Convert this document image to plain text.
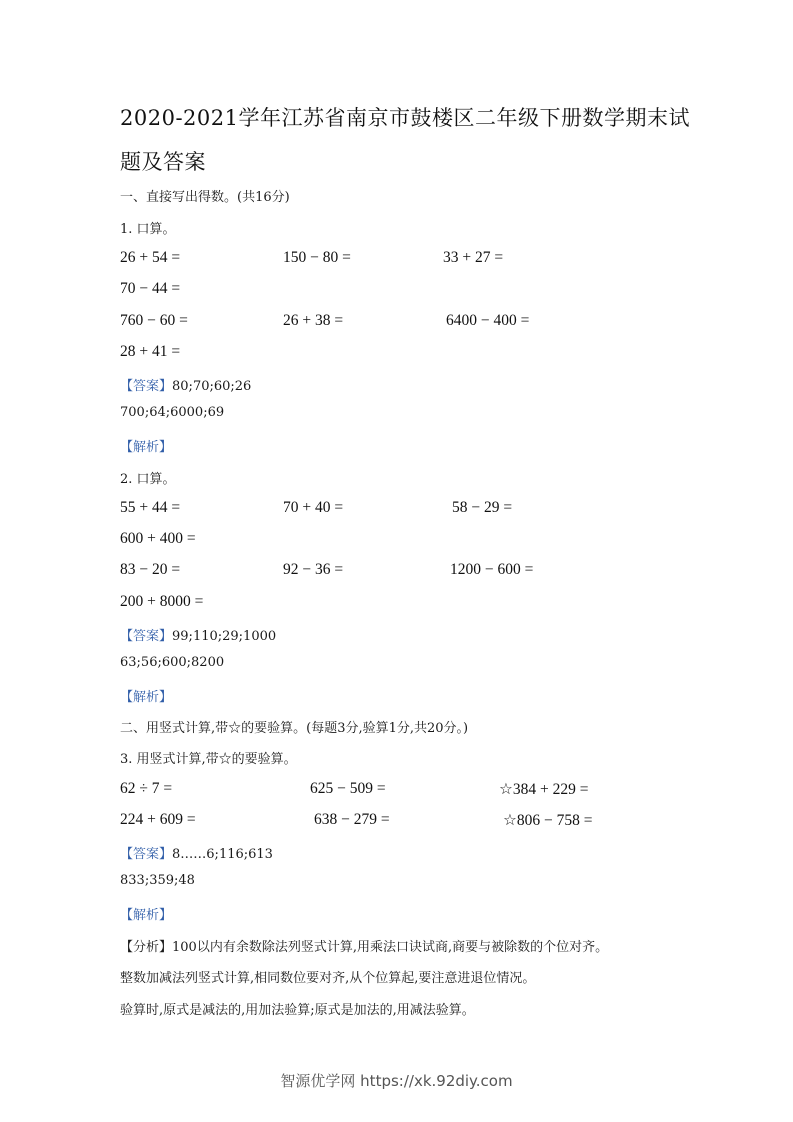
2020-2021学年江苏省南京市鼓楼区二年级下册数学期末试题及答案
一、直接写出得数。(共16分)
1. 口算。
26 + 54 =	150 − 80 =	33 + 27 =
70 − 44 =
760 − 60 =	26 + 38 =	6400 − 400 =
28 + 41 =
【答案】80;70;60;26
700;64;6000;69
【解析】
2. 口算。
55 + 44 =	70 + 40 =	58 − 29 =
600 + 400 =
83 − 20 =	92 − 36 =	1200 − 600 =
200 + 8000 =
【答案】99;110;29;1000
63;56;600;8200
【解析】
二、用竖式计算,带☆的要验算。(每题3分,验算1分,共20分。)
3. 用竖式计算,带☆的要验算。
62 ÷ 7 =	625 − 509 =	☆384 + 229 =
224 + 609 =	638 − 279 =	☆806 − 758 =
【答案】8……6;116;613
833;359;48
【解析】
【分析】100以内有余数除法列竖式计算,用乘法口诀试商,商要与被除数的个位对齐。
整数加减法列竖式计算,相同数位要对齐,从个位算起,要注意进退位情况。
验算时,原式是减法的,用加法验算;原式是加法的,用减法验算。
智源优学网 https://xk.92diy.com
